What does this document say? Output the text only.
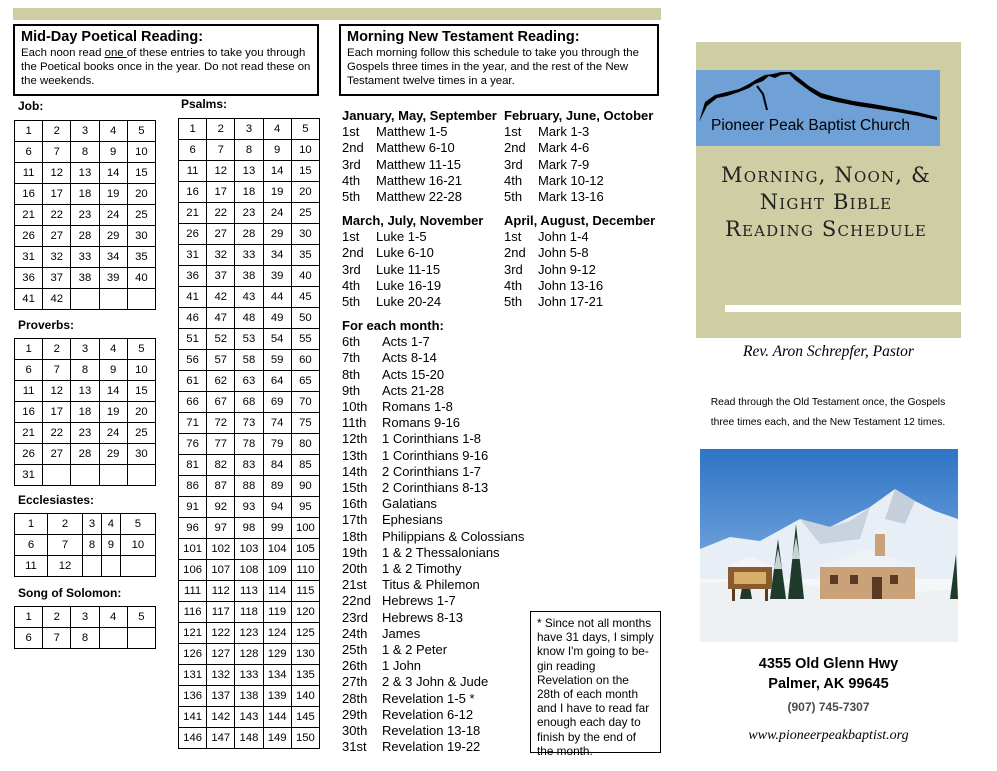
Mid-Day Poetical Reading:

Each noon read one of these entries to take you through the Poetical books once in the year. Do not read these on the weekends.

Morning New Testament Reading:

Each morning follow this schedule to take you through the Gospels three times in the year, and the rest of the New Testament twelve times in a year.

Job:
Proverbs:
Ecclesiastes:
Song of Solomon:
Psalms:
1	2	3	4	5
6	7	8	9	10
11	12	13	14	15
16	17	18	19	20
21	22	23	24	25
26	27	28	29	30
31	32	33	34	35
36	37	38	39	40
41	42			
1	2	3	4	5
6	7	8	9	10
11	12	13	14	15
16	17	18	19	20
21	22	23	24	25
26	27	28	29	30
31				
1	2	3	4	5
6	7	8	9	10
11	12			
1	2	3	4	5
6	7	8		
1	2	3	4	5
6	7	8	9	10
11	12	13	14	15
16	17	18	19	20
21	22	23	24	25
26	27	28	29	30
31	32	33	34	35
36	37	38	39	40
41	42	43	44	45
46	47	48	49	50
51	52	53	54	55
56	57	58	59	60
61	62	63	64	65
66	67	68	69	70
71	72	73	74	75
76	77	78	79	80
81	82	83	84	85
86	87	88	89	90
91	92	93	94	95
96	97	98	99	100
101	102	103	104	105
106	107	108	109	110
111	112	113	114	115
116	117	118	119	120
121	122	123	124	125
126	127	128	129	130
131	132	133	134	135
136	137	138	139	140
141	142	143	144	145
146	147	148	149	150
January, May, September
1st Matthew 1-5
2nd Matthew 6-10
3rd Matthew 11-15
4th Matthew 16-21
5th Matthew 22-28
February, June, October
1st Mark 1-3
2nd Mark 4-6
3rd Mark 7-9
4th Mark 10-12
5th Mark 13-16
March, July, November
1st Luke 1-5
2nd Luke 6-10
3rd Luke 11-15
4th Luke 16-19
5th Luke 20-24
April, August, December
1st John 1-4
2nd John 5-8
3rd John 9-12
4th John 13-16
5th John 17-21
For each month:
6th Acts 1-7
7th Acts 8-14
8th Acts 15-20
9th Acts 21-28
10th Romans 1-8
11th Romans 9-16
12th 1 Corinthians 1-8
13th 1 Corinthians 9-16
14th 2 Corinthians 1-7
15th 2 Corinthians 8-13
16th Galatians
17th Ephesians
18th Philippians & Colossians
19th 1 & 2 Thessalonians
20th 1 & 2 Timothy
21st Titus & Philemon
22nd Hebrews 1-7
23rd Hebrews 8-13
24th James
25th 1 & 2 Peter
26th 1 John
27th 2 & 3 John & Jude
28th Revelation 1-5 *
29th Revelation 6-12
30th Revelation 13-18
31st Revelation 19-22
* Since not all months have 31 days, I simply know I'm going to be-gin reading Revelation on the 28th of each month and I have to read far enough each day to finish by the end of the month.
Pioneer Peak Baptist Church
Morning, Noon, &
Night Bible
Reading Schedule
Rev. Aron Schrepfer, Pastor
Read through the Old Testament once, the Gospels three times each, and the New Testament 12 times.
4355 Old Glenn Hwy
Palmer, AK 99645
(907) 745-7307
www.pioneerpeakbaptist.org
